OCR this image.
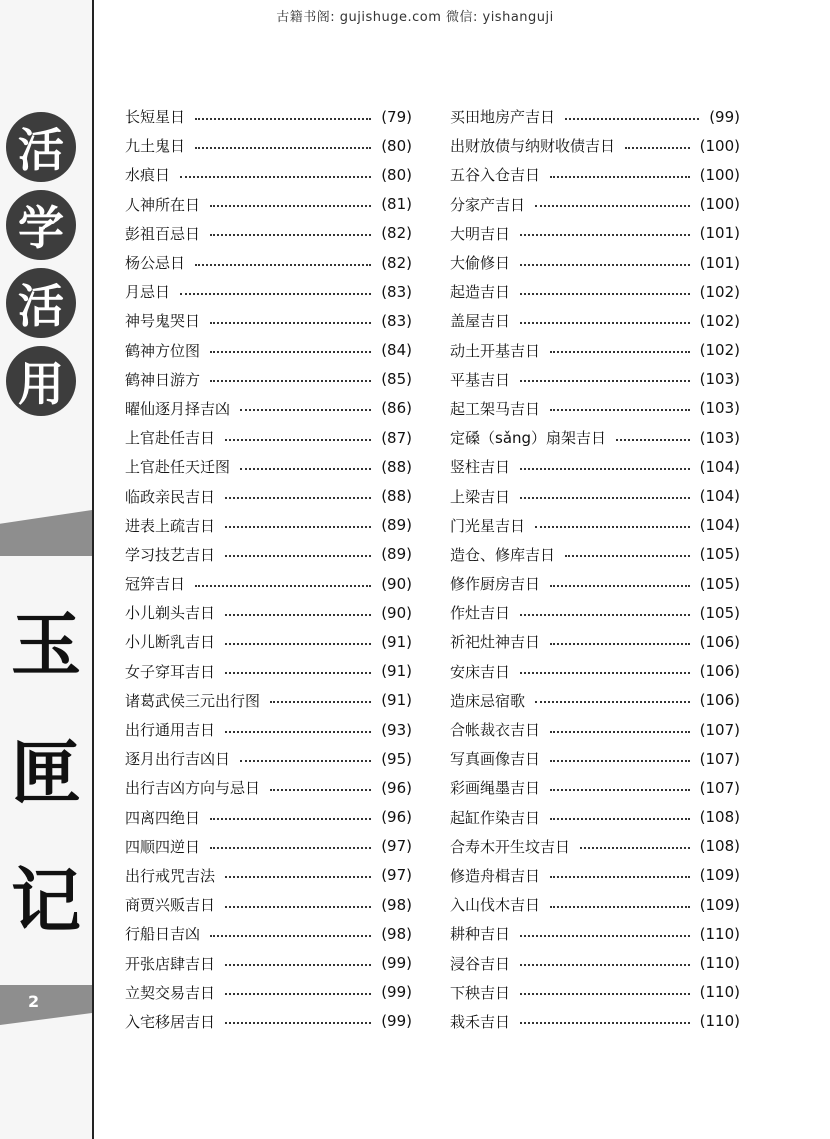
古籍书阁: gujishuge.com 微信: yishanguji
活
学
活
用
玉
匣
记
2
长短星日	(79)
九土鬼日	(80)
水痕日	(80)
人神所在日	(81)
彭祖百忌日	(82)
杨公忌日	(82)
月忌日	(83)
神号鬼哭日	(83)
鹤神方位图	(84)
鹤神日游方	(85)
曜仙逐月择吉凶	(86)
上官赴任吉日	(87)
上官赴任天迁图	(88)
临政亲民吉日	(88)
进表上疏吉日	(89)
学习技艺吉日	(89)
冠笄吉日	(90)
小儿剃头吉日	(90)
小儿断乳吉日	(91)
女子穿耳吉日	(91)
诸葛武侯三元出行图	(91)
出行通用吉日	(93)
逐月出行吉凶日	(95)
出行吉凶方向与忌日	(96)
四离四绝日	(96)
四顺四逆日	(97)
出行戒咒吉法	(97)
商贾兴贩吉日	(98)
行船日吉凶	(98)
开张店肆吉日	(99)
立契交易吉日	(99)
入宅移居吉日	(99)
买田地房产吉日	(99)
出财放债与纳财收债吉日	(100)
五谷入仓吉日	(100)
分家产吉日	(100)
大明吉日	(101)
大偷修日	(101)
起造吉日	(102)
盖屋吉日	(102)
动土开基吉日	(102)
平基吉日	(103)
起工架马吉日	(103)
定磉（sǎng）扇架吉日	(103)
竖柱吉日	(104)
上梁吉日	(104)
门光星吉日	(104)
造仓、修库吉日	(105)
修作厨房吉日	(105)
作灶吉日	(105)
祈祀灶神吉日	(106)
安床吉日	(106)
造床忌宿歌	(106)
合帐裁衣吉日	(107)
写真画像吉日	(107)
彩画绳墨吉日	(107)
起缸作染吉日	(108)
合寿木开生坟吉日	(108)
修造舟楫吉日	(109)
入山伐木吉日	(109)
耕种吉日	(110)
浸谷吉日	(110)
下秧吉日	(110)
栽禾吉日	(110)
